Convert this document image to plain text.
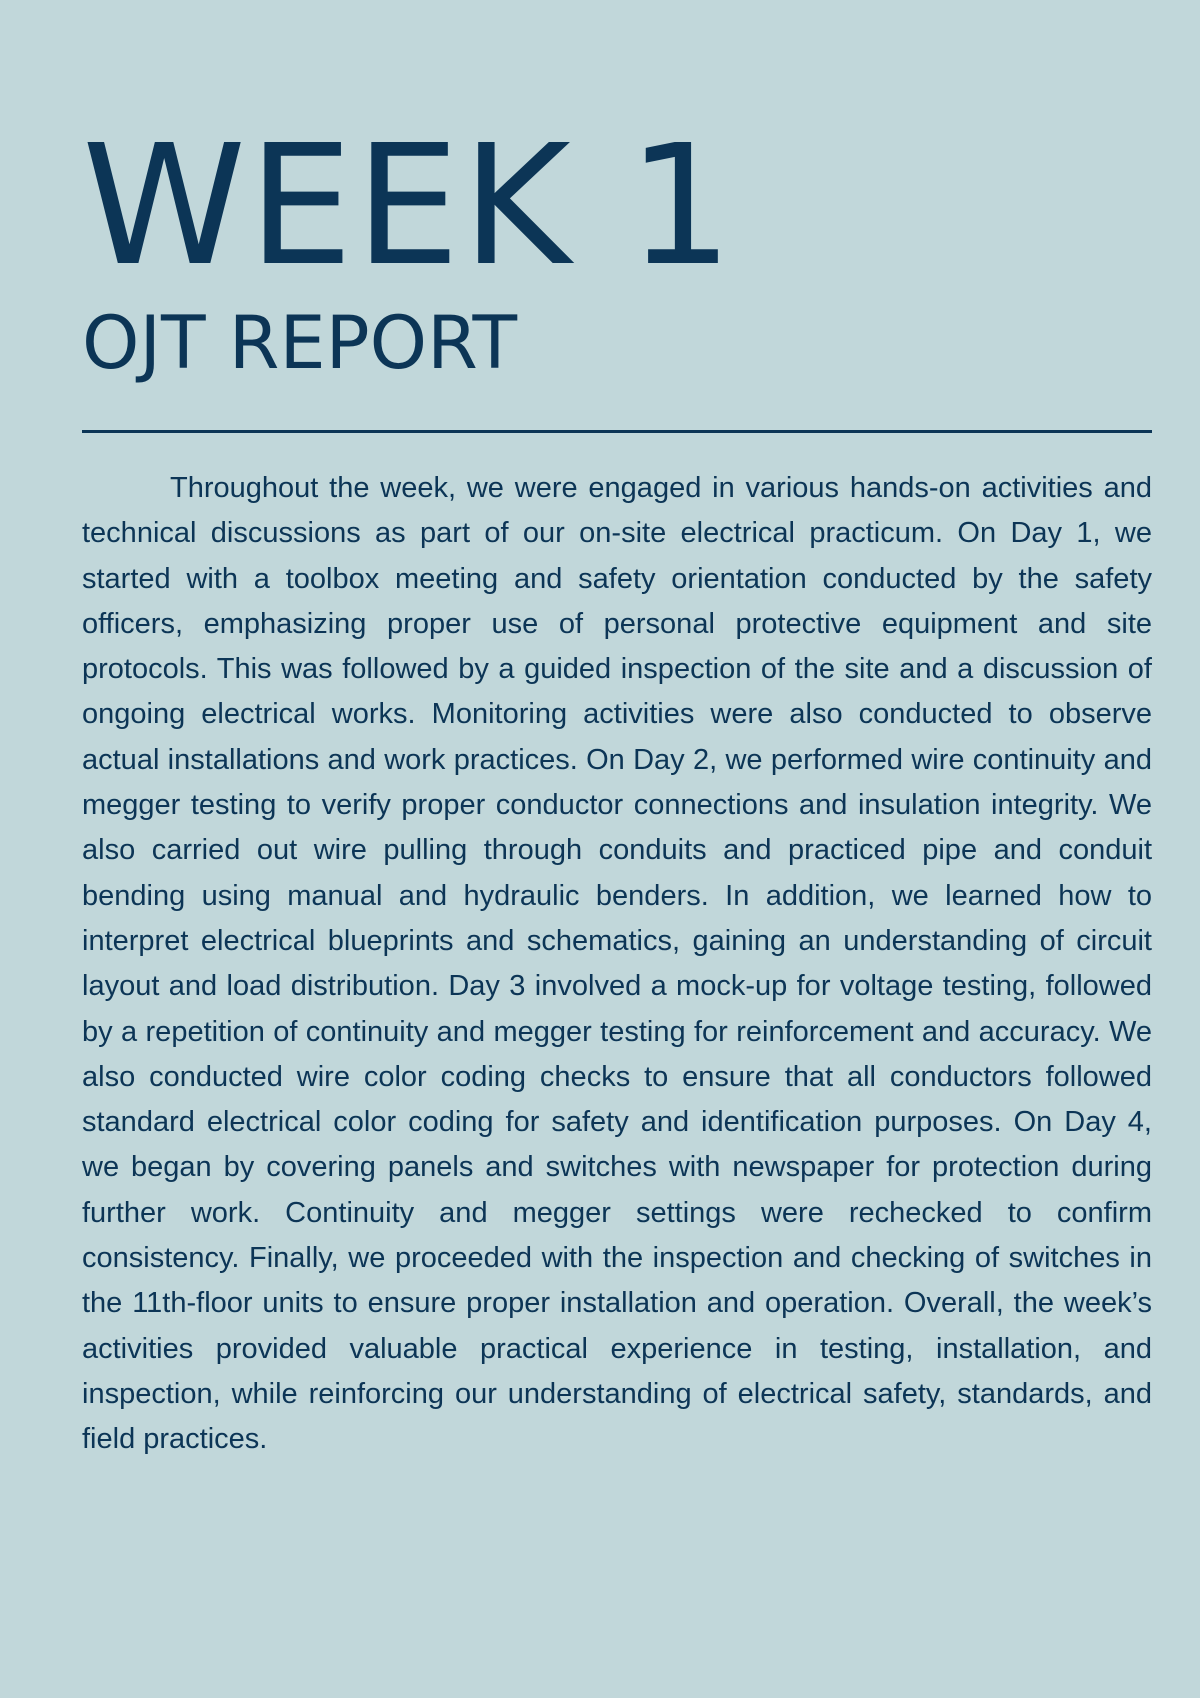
WEEK 1
OJT REPORT

Throughout the week, we were engaged in various hands-on activities and technical discussions as part of our on-site electrical practicum. On Day 1, we started with a toolbox meeting and safety orientation conducted by the safety officers, emphasizing proper use of personal protective equipment and site protocols. This was followed by a guided inspection of the site and a discussion of ongoing electrical works. Monitoring activities were also conducted to observe actual installations and work practices. On Day 2, we performed wire continuity and megger testing to verify proper conductor connections and insulation integrity. We also carried out wire pulling through conduits and practiced pipe and conduit bending using manual and hydraulic benders. In addition, we learned how to interpret electrical blueprints and schematics, gaining an understanding of circuit layout and load distribution. Day 3 involved a mock-up for voltage testing, followed by a repetition of continuity and megger testing for reinforcement and accuracy. We also conducted wire color coding checks to ensure that all conductors followed standard electrical color coding for safety and identification purposes. On Day 4, we began by covering panels and switches with newspaper for protection during further work. Continuity and megger settings were rechecked to confirm consistency. Finally, we proceeded with the inspection and checking of switches in the 11th-floor units to ensure proper installation and operation. Overall, the week’s activities provided valuable practical experience in testing, installation, and inspection, while reinforcing our understanding of electrical safety, standards, and field practices.
